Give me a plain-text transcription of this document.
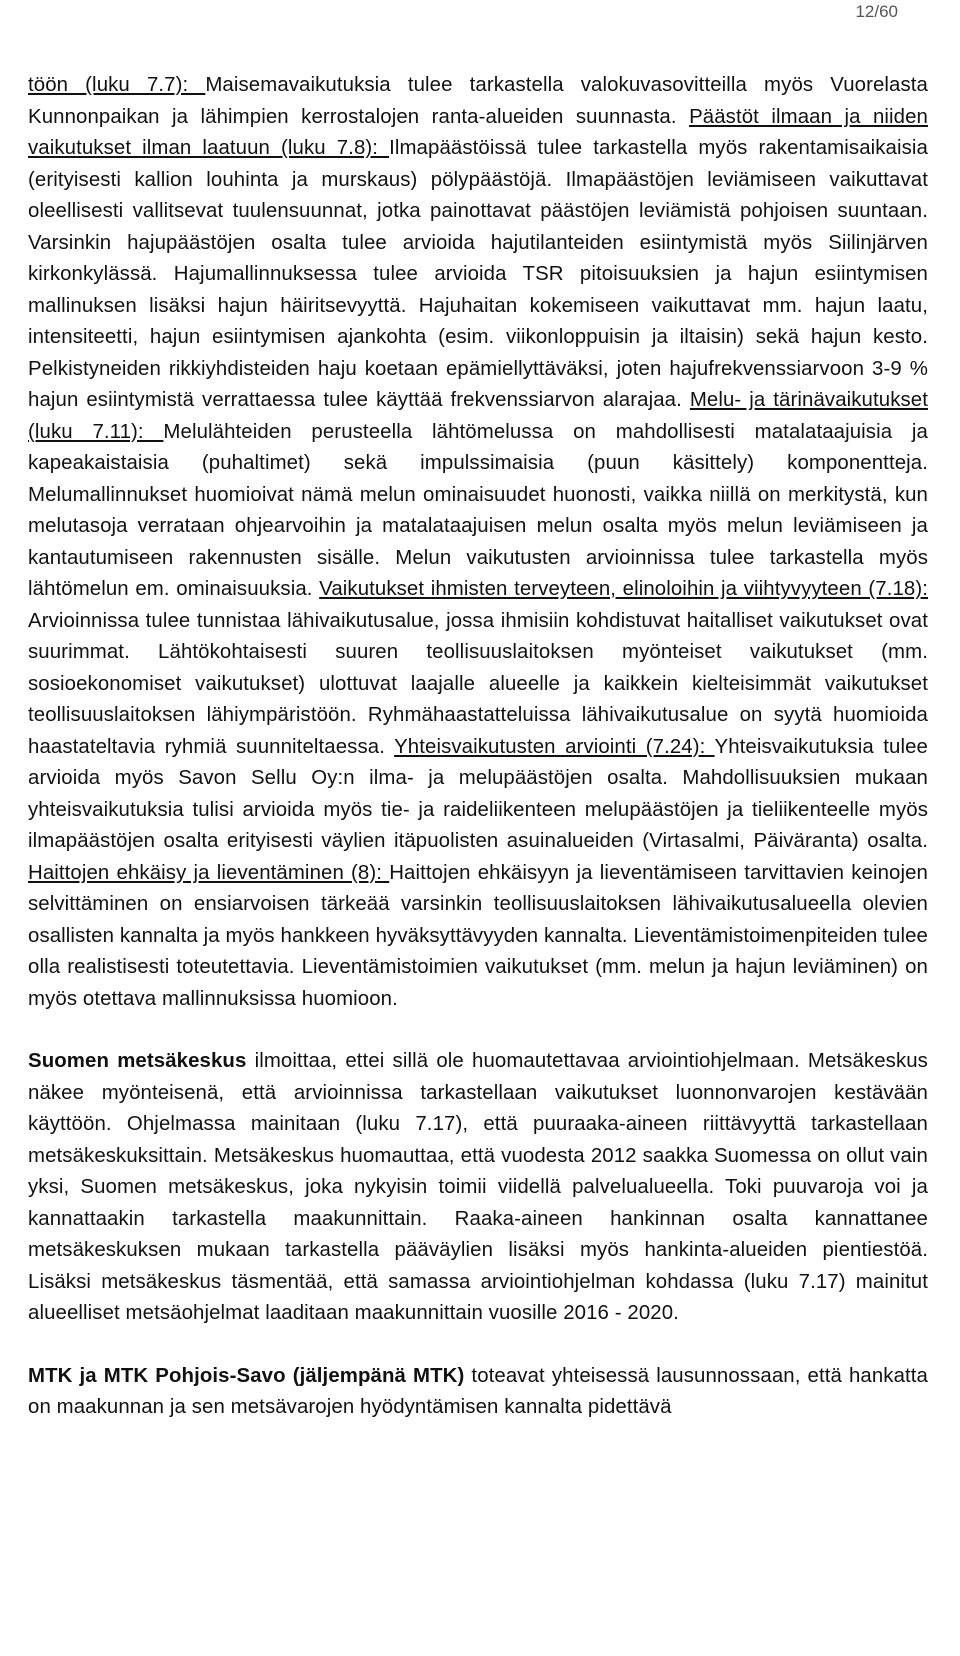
12/60

töön (luku 7.7): Maisemavaikutuksia tulee tarkastella valokuvasovitteilla myös Vuorelasta Kunnonpaikan ja lähimpien kerrostalojen ranta-alueiden suunnasta. Päästöt ilmaan ja niiden vaikutukset ilman laatuun (luku 7.8): Ilmapäästöissä tulee tarkastella myös rakentamisaikaisia (erityisesti kallion louhinta ja murskaus) pölypäästöjä. Ilmapäästöjen leviämiseen vaikuttavat oleellisesti vallitsevat tuulensuunnat, jotka painottavat päästöjen leviämistä pohjoisen suuntaan. Varsinkin hajupäästöjen osalta tulee arvioida hajutilanteiden esiintymistä myös Siilinjärven kirkonkylässä. Hajumallinnuksessa tulee arvioida TSR pitoisuuksien ja hajun esiintymisen mallinuksen lisäksi hajun häiritsevyyttä. Hajuhaitan kokemiseen vaikuttavat mm. hajun laatu, intensiteetti, hajun esiintymisen ajankohta (esim. viikonloppuisin ja iltaisin) sekä hajun kesto. Pelkistyneiden rikkiyhdisteiden haju koetaan epämiellyttäväksi, joten hajufrekvenssiarvoon 3-9 % hajun esiintymistä verrattaessa tulee käyttää frekvenssiarvon alarajaa. Melu- ja tärinävaikutukset (luku 7.11): Melulähteiden perusteella lähtömelussa on mahdollisesti matalataajuisia ja kapeakaistaisia (puhaltimet) sekä impulssimaisia (puun käsittely) komponentteja. Melumallinnukset huomioivat nämä melun ominaisuudet huonosti, vaikka niillä on merkitystä, kun melutasoja verrataan ohjearvoihin ja matalataajuisen melun osalta myös melun leviämiseen ja kantautumiseen rakennusten sisälle. Melun vaikutusten arvioinnissa tulee tarkastella myös lähtömelun em. ominaisuuksia. Vaikutukset ihmisten terveyteen, elinoloihin ja viihtyvyyteen (7.18): Arvioinnissa tulee tunnistaa lähivaikutusalue, jossa ihmisiin kohdistuvat haitalliset vaikutukset ovat suurimmat. Lähtökohtaisesti suuren teollisuuslaitoksen myönteiset vaikutukset (mm. sosioekonomiset vaikutukset) ulottuvat laajalle alueelle ja kaikkein kielteisimmät vaikutukset teollisuuslaitoksen lähiympäristöön. Ryhmähaastatteluissa lähivaikutusalue on syytä huomioida haastateltavia ryhmiä suunniteltaessa. Yhteisvaikutusten arviointi (7.24): Yhteisvaikutuksia tulee arvioida myös Savon Sellu Oy:n ilma- ja melupäästöjen osalta. Mahdollisuuksien mukaan yhteisvaikutuksia tulisi arvioida myös tie- ja raideliikenteen melupäästöjen ja tieliikenteelle myös ilmapäästöjen osalta erityisesti väylien itäpuolisten asuinalueiden (Virtasalmi, Päiväranta) osalta. Haittojen ehkäisy ja lieventäminen (8): Haittojen ehkäisyyn ja lieventämiseen tarvittavien keinojen selvittäminen on ensiarvoisen tärkeää varsinkin teollisuuslaitoksen lähivaikutusalueella olevien osallisten kannalta ja myös hankkeen hyväksyttävyyden kannalta. Lieventämistoimenpiteiden tulee olla realistisesti toteutettavia. Lieventämistoimien vaikutukset (mm. melun ja hajun leviäminen) on myös otettava mallinnuksissa huomioon.

Suomen metsäkeskus ilmoittaa, ettei sillä ole huomautettavaa arviointiohjelmaan. Metsäkeskus näkee myönteisenä, että arvioinnissa tarkastellaan vaikutukset luonnonvarojen kestävään käyttöön. Ohjelmassa mainitaan (luku 7.17), että puuraaka-aineen riittävyyttä tarkastellaan metsäkeskuksittain. Metsäkeskus huomauttaa, että vuodesta 2012 saakka Suomessa on ollut vain yksi, Suomen metsäkeskus, joka nykyisin toimii viidellä palvelualueella. Toki puuvaroja voi ja kannattaakin tarkastella maakunnittain. Raaka-aineen hankinnan osalta kannattanee metsäkeskuksen mukaan tarkastella pääväylien lisäksi myös hankinta-alueiden pientiestöä. Lisäksi metsäkeskus täsmentää, että samassa arviointiohjelman kohdassa (luku 7.17) mainitut alueelliset metsäohjelmat laaditaan maakunnittain vuosille 2016 - 2020.

MTK ja MTK Pohjois-Savo (jäljempänä MTK) toteavat yhteisessä lausunnossaan, että hankatta on maakunnan ja sen metsävarojen hyödyntämisen kannalta pidettävä
